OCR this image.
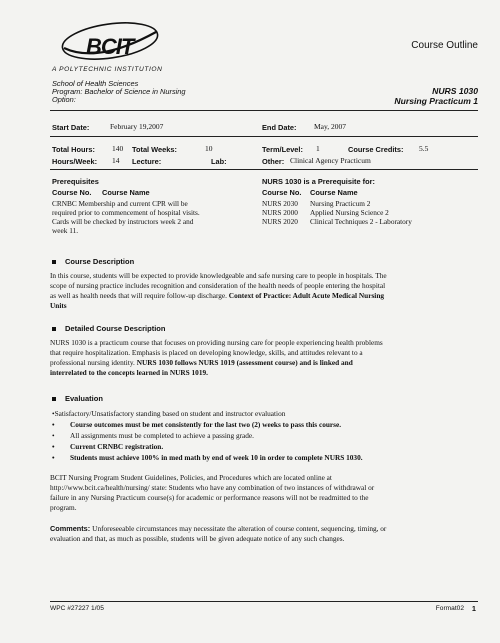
BCIT
A POLYTECHNIC INSTITUTION
Course Outline
School of Health Sciences
Program: Bachelor of Science in Nursing
Option:
NURS 1030
Nursing Practicum 1
Start Date:	February 19,2007	End Date: May, 2007
Total Hours: 140 Total Weeks:	10	Term/Level: 1	Course Credits: 5.5
Hours/Week: 14 Lecture:	Lab:	Other: Clinical Agency Practicum
Prerequisites
Course No. Course Name
CRNBC Membership and current CPR will be
required prior to commencement of hospital visits.
Cards will be checked by instructors week 2 and
week 11.
NURS 1030 is a Prerequisite for:
Course No. Course Name
NURS 2030 Nursing Practicum 2
NURS 2000 Applied Nursing Science 2
NURS 2020 Clinical Techniques 2 - Laboratory
Course Description
In this course, students will be expected to provide knowledgeable and safe nursing care to people in hospitals. The
scope of nursing practice includes recognition and consideration of the health needs of people entering the hospital
as well as health needs that will require follow-up discharge. Context of Practice: Adult Acute Medical Nursing
Units
Detailed Course Description
NURS 1030 is a practicum course that focuses on providing nursing care for people experiencing health problems
that require hospitalization. Emphasis is placed on developing knowledge, skills, and attitudes relevant to a
professional nursing identity. NURS 1030 follows NURS 1019 (assessment course) and is linked and
interrelated to the concepts learned in NURS 1019.
Evaluation
•Satisfactory/Unsatisfactory standing based on student and instructor evaluation
• Course outcomes must be met consistently for the last two (2) weeks to pass this course.
• All assignments must be completed to achieve a passing grade.
• Current CRNBC registration.
• Students must achieve 100% in med math by end of week 10 in order to complete NURS 1030.
BCIT Nursing Program Student Guidelines, Policies, and Procedures which are located online at
http://www.bcit.ca/health/nursing/ state: Students who have any combination of two instances of withdrawal or
failure in any Nursing Practicum course(s) for academic or performance reasons will not be readmitted to the
program.
Comments: Unforeseeable circumstances may necessitate the alteration of course content, sequencing, timing, or
evaluation and that, as much as possible, students will be given adequate notice of any such changes.
WPC #27227 1/05	Format02 1
